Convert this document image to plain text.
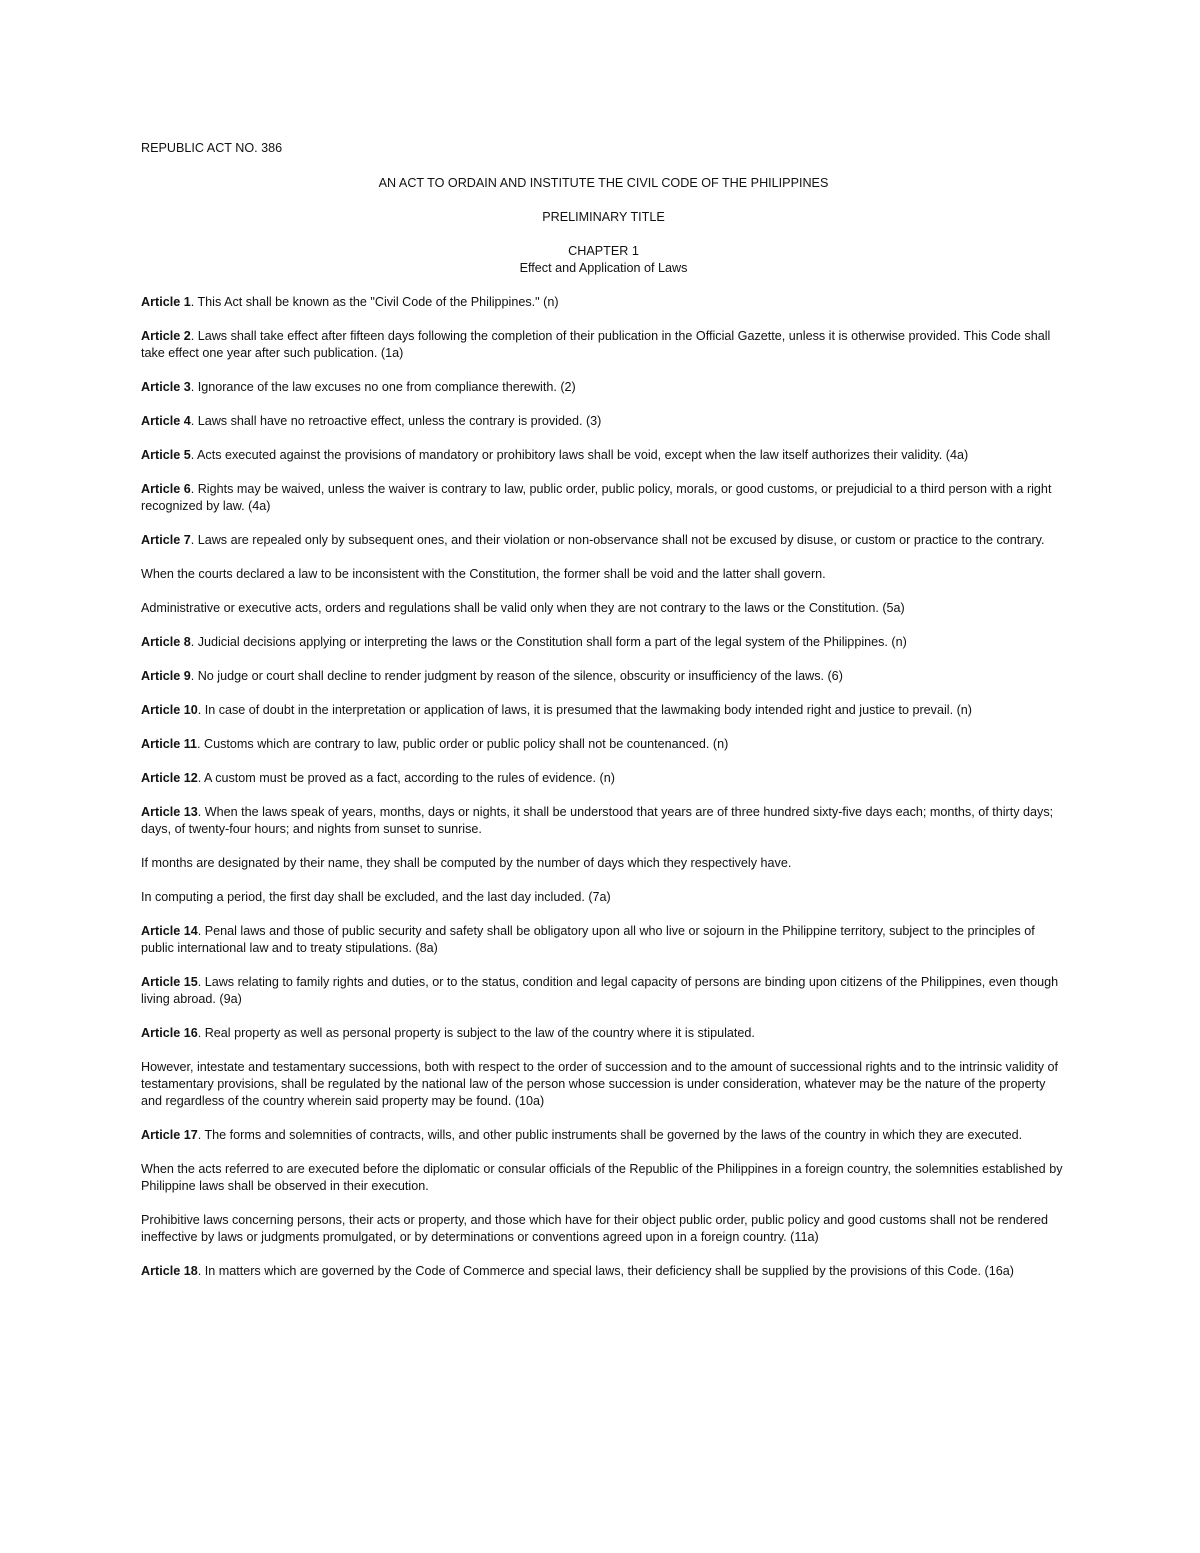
REPUBLIC ACT NO. 386

AN ACT TO ORDAIN AND INSTITUTE THE CIVIL CODE OF THE PHILIPPINES

PRELIMINARY TITLE

CHAPTER 1

Effect and Application of Laws

Article 1. This Act shall be known as the "Civil Code of the Philippines." (n)

Article 2. Laws shall take effect after fifteen days following the completion of their publication in the Official Gazette, unless it is otherwise provided. This Code shall take effect one year after such publication. (1a)

Article 3. Ignorance of the law excuses no one from compliance therewith. (2)

Article 4. Laws shall have no retroactive effect, unless the contrary is provided. (3)

Article 5. Acts executed against the provisions of mandatory or prohibitory laws shall be void, except when the law itself authorizes their validity. (4a)

Article 6. Rights may be waived, unless the waiver is contrary to law, public order, public policy, morals, or good customs, or prejudicial to a third person with a right recognized by law. (4a)

Article 7. Laws are repealed only by subsequent ones, and their violation or non-observance shall not be excused by disuse, or custom or practice to the contrary.

When the courts declared a law to be inconsistent with the Constitution, the former shall be void and the latter shall govern.

Administrative or executive acts, orders and regulations shall be valid only when they are not contrary to the laws or the Constitution. (5a)

Article 8. Judicial decisions applying or interpreting the laws or the Constitution shall form a part of the legal system of the Philippines. (n)

Article 9. No judge or court shall decline to render judgment by reason of the silence, obscurity or insufficiency of the laws. (6)

Article 10. In case of doubt in the interpretation or application of laws, it is presumed that the lawmaking body intended right and justice to prevail. (n)

Article 11. Customs which are contrary to law, public order or public policy shall not be countenanced. (n)

Article 12. A custom must be proved as a fact, according to the rules of evidence. (n)

Article 13. When the laws speak of years, months, days or nights, it shall be understood that years are of three hundred sixty-five days each; months, of thirty days; days, of twenty-four hours; and nights from sunset to sunrise.

If months are designated by their name, they shall be computed by the number of days which they respectively have.

In computing a period, the first day shall be excluded, and the last day included. (7a)

Article 14. Penal laws and those of public security and safety shall be obligatory upon all who live or sojourn in the Philippine territory, subject to the principles of public international law and to treaty stipulations. (8a)

Article 15. Laws relating to family rights and duties, or to the status, condition and legal capacity of persons are binding upon citizens of the Philippines, even though living abroad. (9a)

Article 16. Real property as well as personal property is subject to the law of the country where it is stipulated.

However, intestate and testamentary successions, both with respect to the order of succession and to the amount of successional rights and to the intrinsic validity of testamentary provisions, shall be regulated by the national law of the person whose succession is under consideration, whatever may be the nature of the property and regardless of the country wherein said property may be found. (10a)

Article 17. The forms and solemnities of contracts, wills, and other public instruments shall be governed by the laws of the country in which they are executed.

When the acts referred to are executed before the diplomatic or consular officials of the Republic of the Philippines in a foreign country, the solemnities established by Philippine laws shall be observed in their execution.

Prohibitive laws concerning persons, their acts or property, and those which have for their object public order, public policy and good customs shall not be rendered ineffective by laws or judgments promulgated, or by determinations or conventions agreed upon in a foreign country. (11a)

Article 18. In matters which are governed by the Code of Commerce and special laws, their deficiency shall be supplied by the provisions of this Code. (16a)
